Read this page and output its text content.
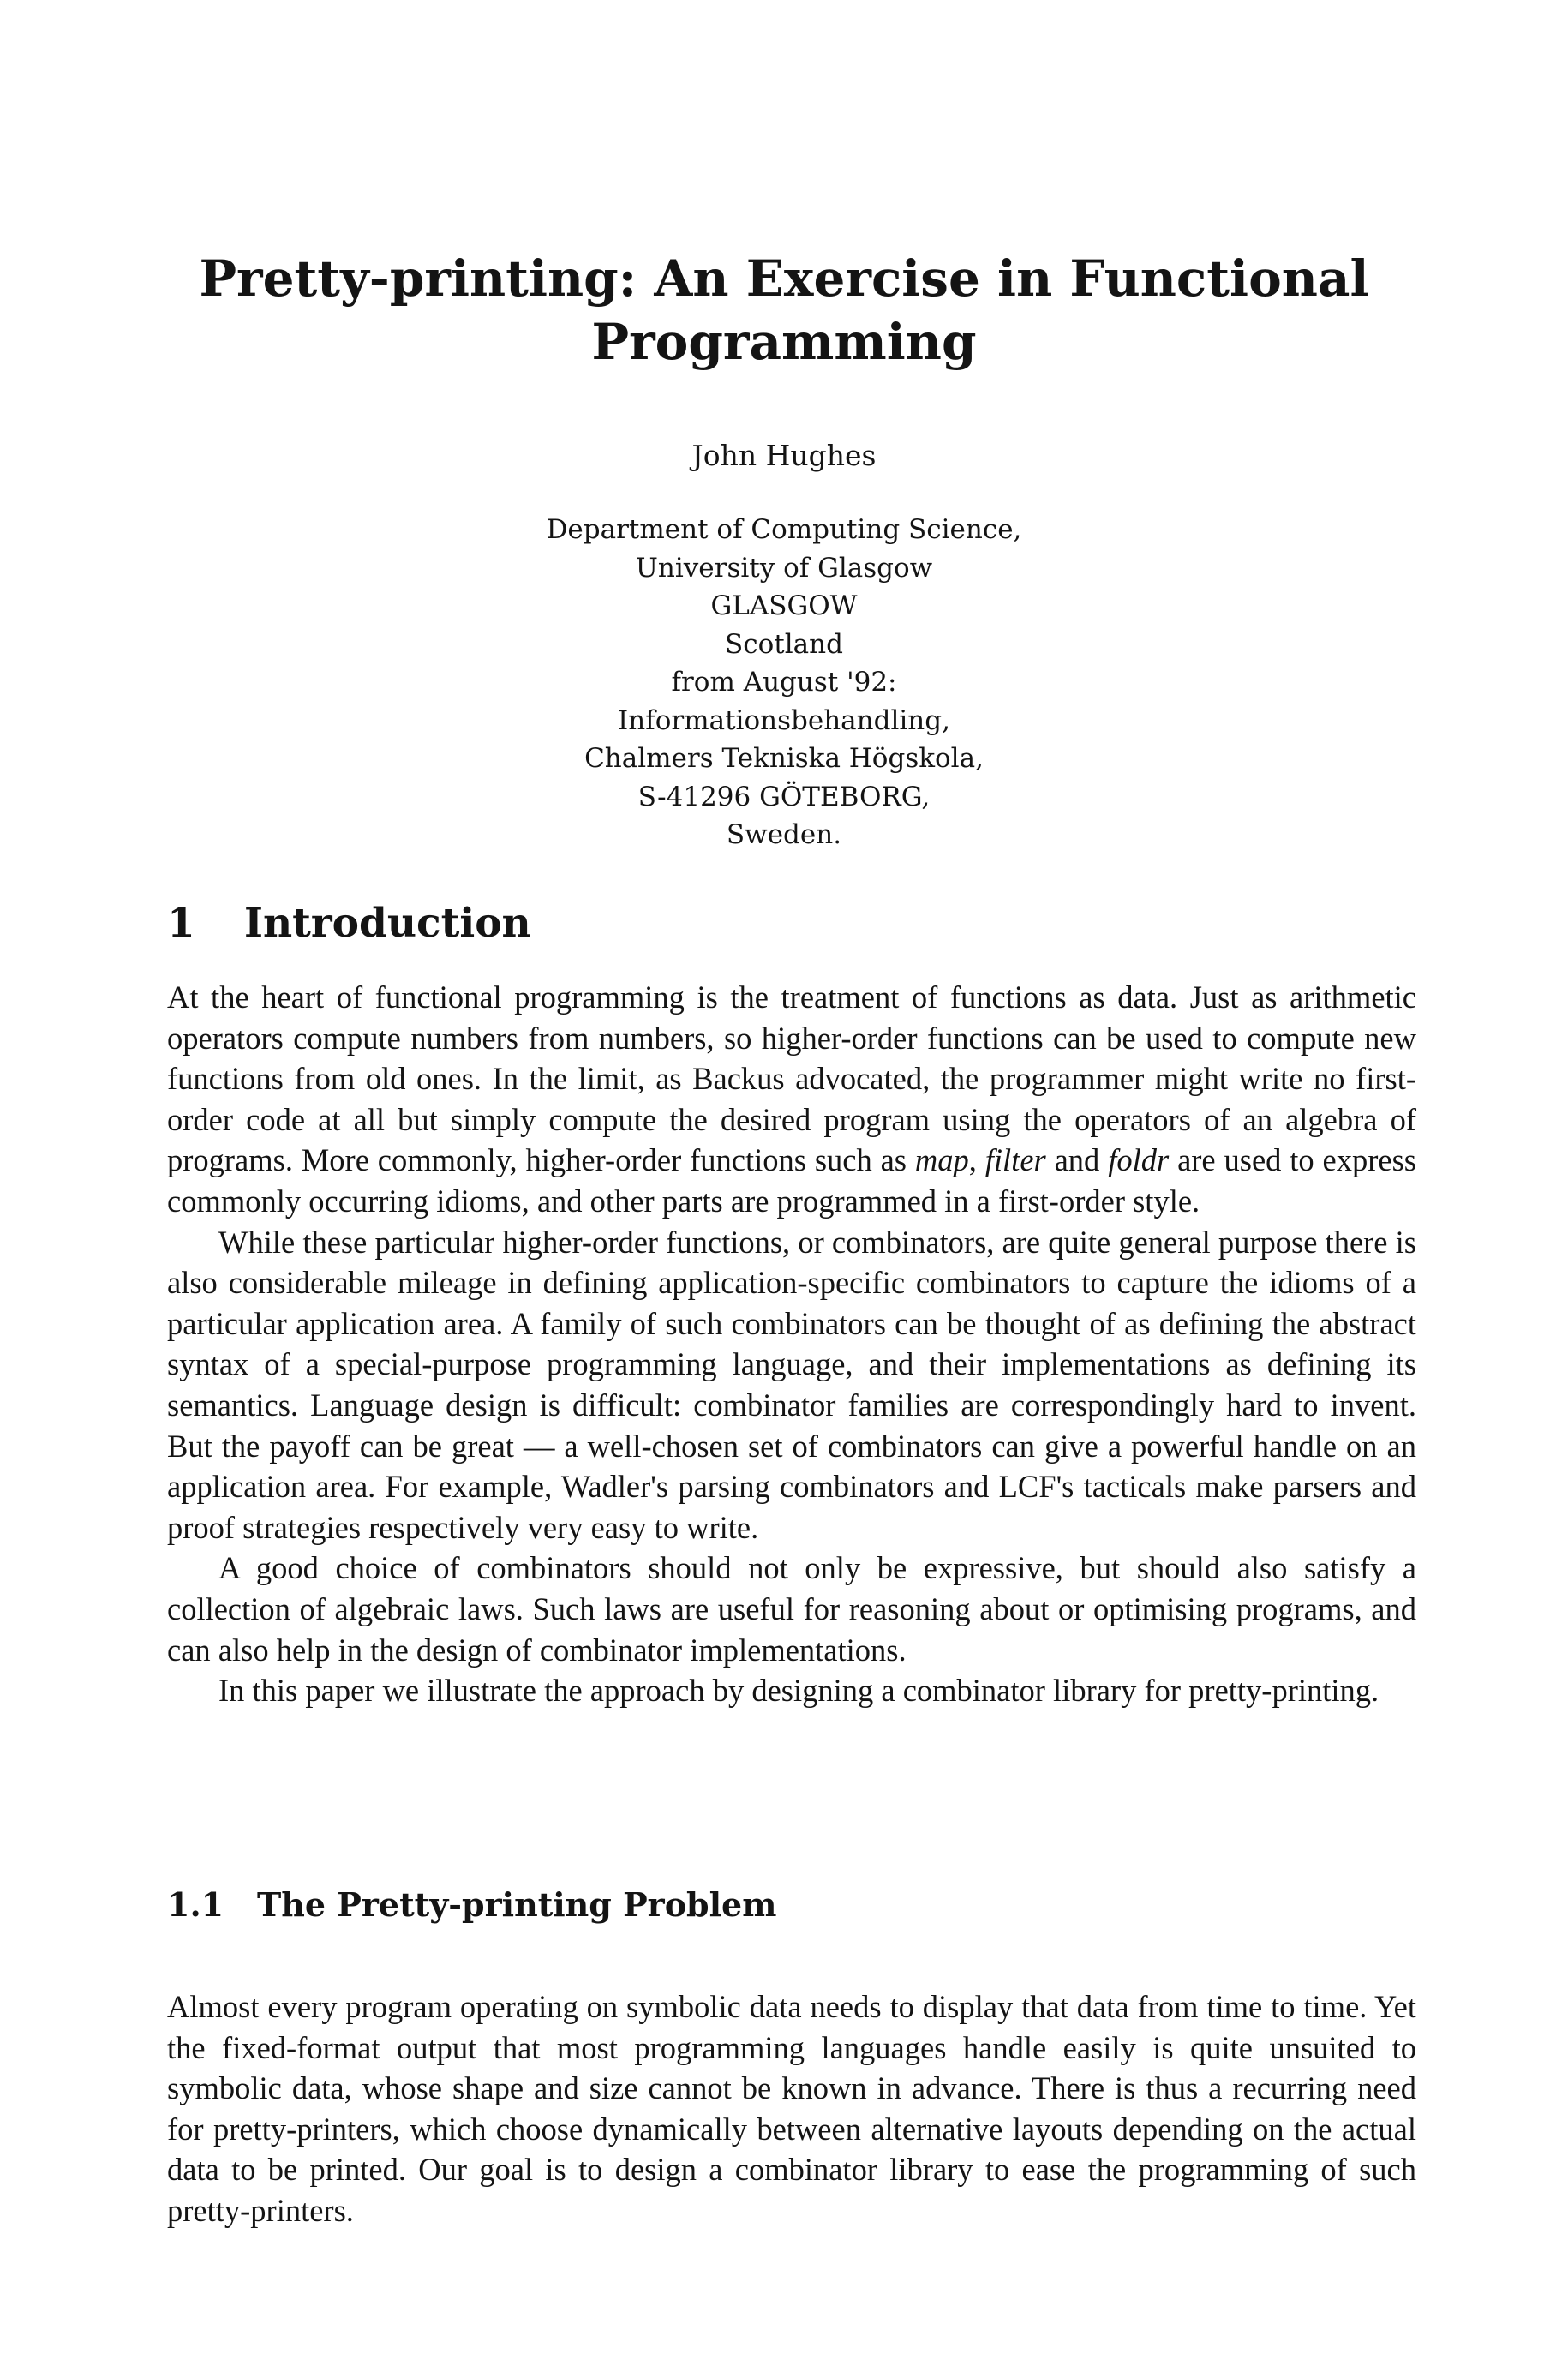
Pretty-printing: An Exercise in Functional
Programming
John Hughes
Department of Computing Science,
University of Glasgow
GLASGOW
Scotland
from August '92:
Informationsbehandling,
Chalmers Tekniska Högskola,
S-41296 GÖTEBORG,
Sweden.
1 Introduction

At the heart of functional programming is the treatment of functions as data. Just as arithmetic operators compute numbers from numbers, so higher-order functions can be used to compute new functions from old ones. In the limit, as Backus advocated, the programmer might write no first-order code at all but simply compute the desired program using the operators of an algebra of programs. More commonly, higher-order functions such as map, filter and foldr are used to express commonly occurring idioms, and other parts are programmed in a first-order style.

While these particular higher-order functions, or combinators, are quite general purpose there is also considerable mileage in defining application-specific combinators to capture the idioms of a particular application area. A family of such combinators can be thought of as defining the abstract syntax of a special-purpose programming language, and their implementations as defining its semantics. Language design is difficult: combinator families are correspondingly hard to invent. But the payoff can be great — a well-chosen set of combinators can give a powerful handle on an application area. For example, Wadler's parsing combinators and LCF's tacticals make parsers and proof strategies respectively very easy to write.

A good choice of combinators should not only be expressive, but should also satisfy a collection of algebraic laws. Such laws are useful for reasoning about or optimising programs, and can also help in the design of combinator implementations.

In this paper we illustrate the approach by designing a combinator library for pretty-printing.

1.1 The Pretty-printing Problem

Almost every program operating on symbolic data needs to display that data from time to time. Yet the fixed-format output that most programming languages handle easily is quite unsuited to symbolic data, whose shape and size cannot be known in advance. There is thus a recurring need for pretty-printers, which choose dynamically between alternative layouts depending on the actual data to be printed. Our goal is to design a combinator library to ease the programming of such pretty-printers.
